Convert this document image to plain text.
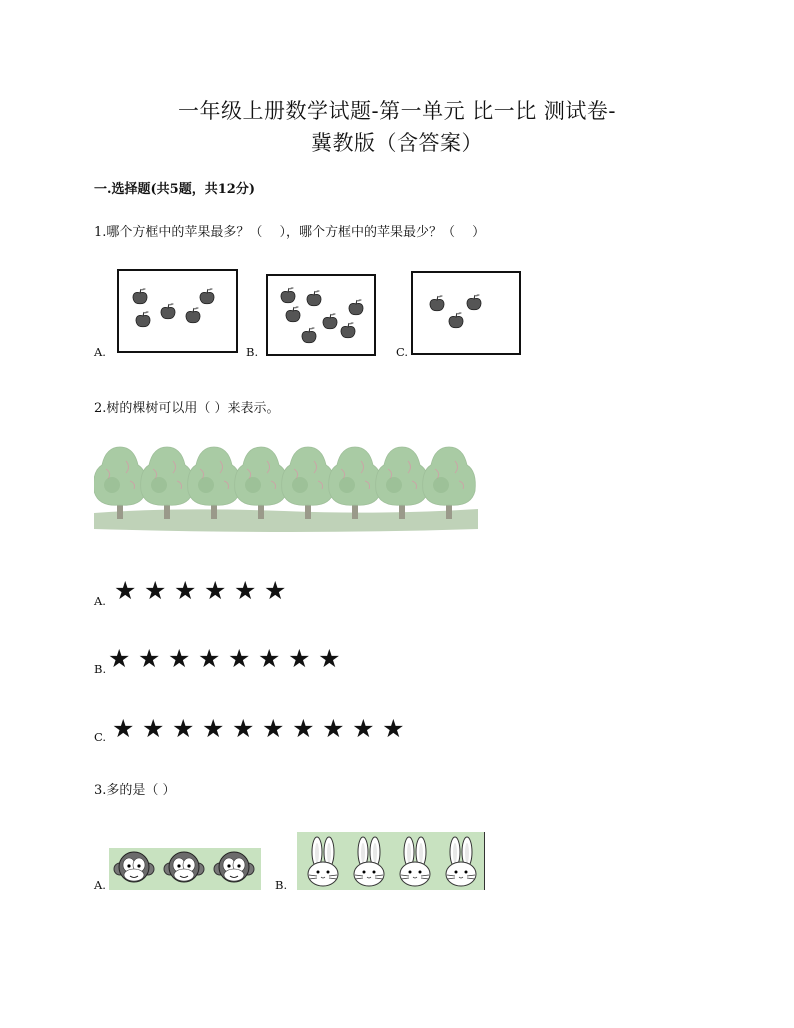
一年级上册数学试题-第一单元 比一比 测试卷-
冀教版（含答案）
一.选择题(共5题，共12分)
1.哪个方框中的苹果最多？（　 ），哪个方框中的苹果最少？（　 ）
A.	B.	C.
2.树的棵树可以用（ ）来表示。
A. ★★★★★★
B. ★★★★★★★★
C. ★★★★★★★★★★
3.多的是（ ）
A.	B.
